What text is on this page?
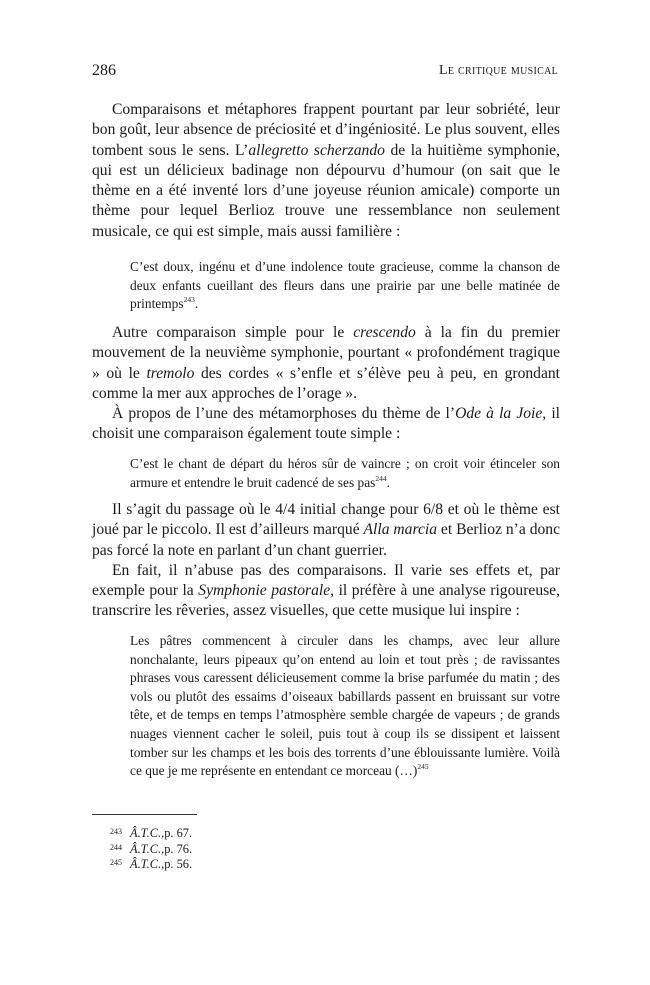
286	Le critique musical

Comparaisons et métaphores frappent pourtant par leur sobriété, leur bon goût, leur absence de préciosité et d’ingéniosité. Le plus souvent, elles tombent sous le sens. L’allegretto scherzando de la huitième symphonie, qui est un délicieux badinage non dépourvu d’humour (on sait que le thème en a été inventé lors d’une joyeuse réunion amicale) comporte un thème pour lequel Berlioz trouve une ressemblance non seulement musicale, ce qui est simple, mais aussi familière :

C’est doux, ingénu et d’une indolence toute gracieuse, comme la chanson de deux enfants cueillant des fleurs dans une prairie par une belle matinée de printemps$^{243}$.

Autre comparaison simple pour le crescendo à la fin du premier mouvement de la neuvième symphonie, pourtant « profondément tragique » où le tremolo des cordes « s’enfle et s’élève peu à peu, en grondant comme la mer aux approches de l’orage ».

À propos de l’une des métamorphoses du thème de l’Ode à la Joie, il choisit une comparaison également toute simple :

C’est le chant de départ du héros sûr de vaincre ; on croit voir étinceler son armure et entendre le bruit cadencé de ses pas$^{244}$.

Il s’agit du passage où le 4/4 initial change pour 6/8 et où le thème est joué par le piccolo. Il est d’ailleurs marqué Alla marcia et Berlioz n’a donc pas forcé la note en parlant d’un chant guerrier.

En fait, il n’abuse pas des comparaisons. Il varie ses effets et, par exemple pour la Symphonie pastorale, il préfère à une analyse rigoureuse, transcrire les rêveries, assez visuelles, que cette musique lui inspire :

Les pâtres commencent à circuler dans les champs, avec leur allure nonchalante, leurs pipeaux qu’on entend au loin et tout près ; de ravissantes phrases vous caressent délicieusement comme la brise parfumée du matin ; des vols ou plutôt des essaims d’oiseaux babillards passent en bruissant sur votre tête, et de temps en temps l’atmosphère semble chargée de vapeurs ; de grands nuages viennent cacher le soleil, puis tout à coup ils se dissipent et laissent tomber sur les champs et les bois des torrents d’une éblouissante lumière. Voilà ce que je me représente en entendant ce morceau (…)$^{245}$

243 Â.T.C., p. 67.
244 Â.T.C., p. 76.
245 Â.T.C., p. 56.
